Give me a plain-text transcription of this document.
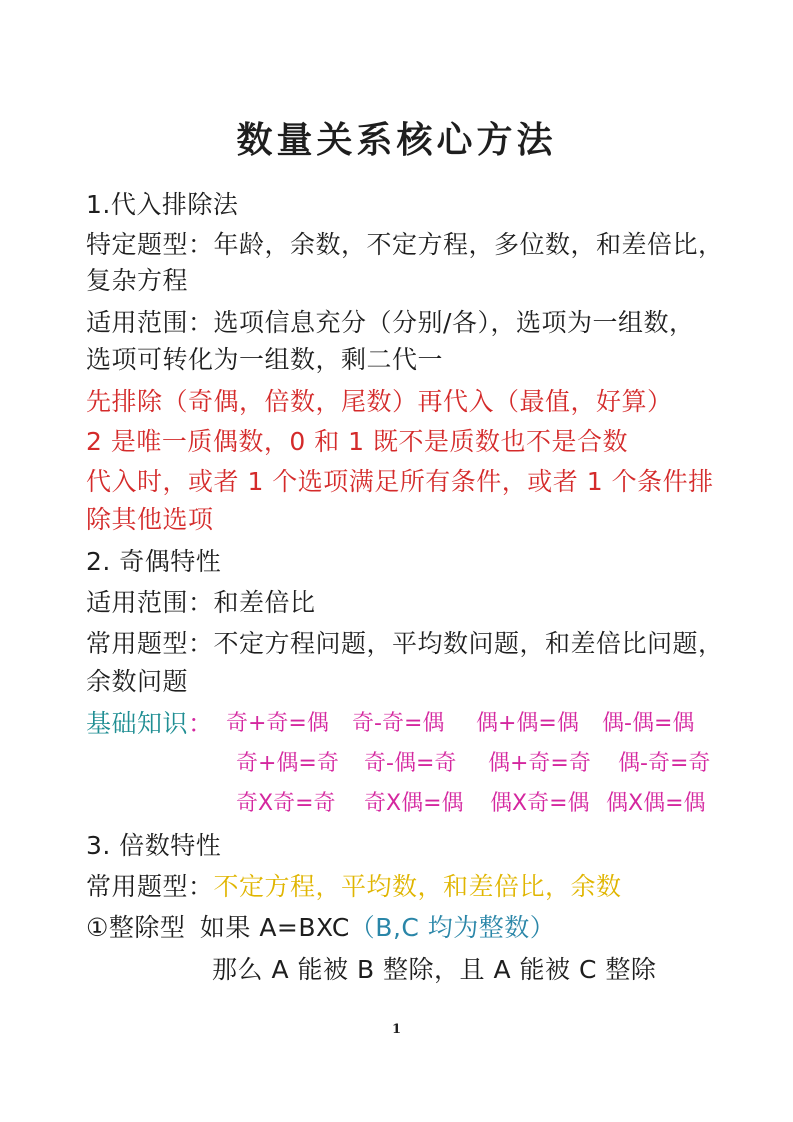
数量关系核心方法
1.代入排除法
特定题型：年龄，余数，不定方程，多位数，和差倍比，
复杂方程
适用范围：选项信息充分（分别/各），选项为一组数，
选项可转化为一组数，剩二代一
先排除（奇偶，倍数，尾数）再代入（最值，好算）
2 是唯一质偶数，0 和 1 既不是质数也不是合数
代入时，或者 1 个选项满足所有条件，或者 1 个条件排
除其他选项
2. 奇偶特性
适用范围：和差倍比
常用题型：不定方程问题，平均数问题，和差倍比问题，
余数问题
基础知识： 奇+奇=偶 奇-奇=偶 偶+偶=偶 偶-偶=偶
奇+偶=奇 奇-偶=奇 偶+奇=奇 偶-奇=奇
奇X奇=奇 奇X偶=偶 偶X奇=偶 偶X偶=偶
3. 倍数特性
常用题型：不定方程，平均数，和差倍比，余数
①整除型 如果 A=BXC（B,C 均为整数）
那么 A 能被 B 整除，且 A 能被 C 整除
1
